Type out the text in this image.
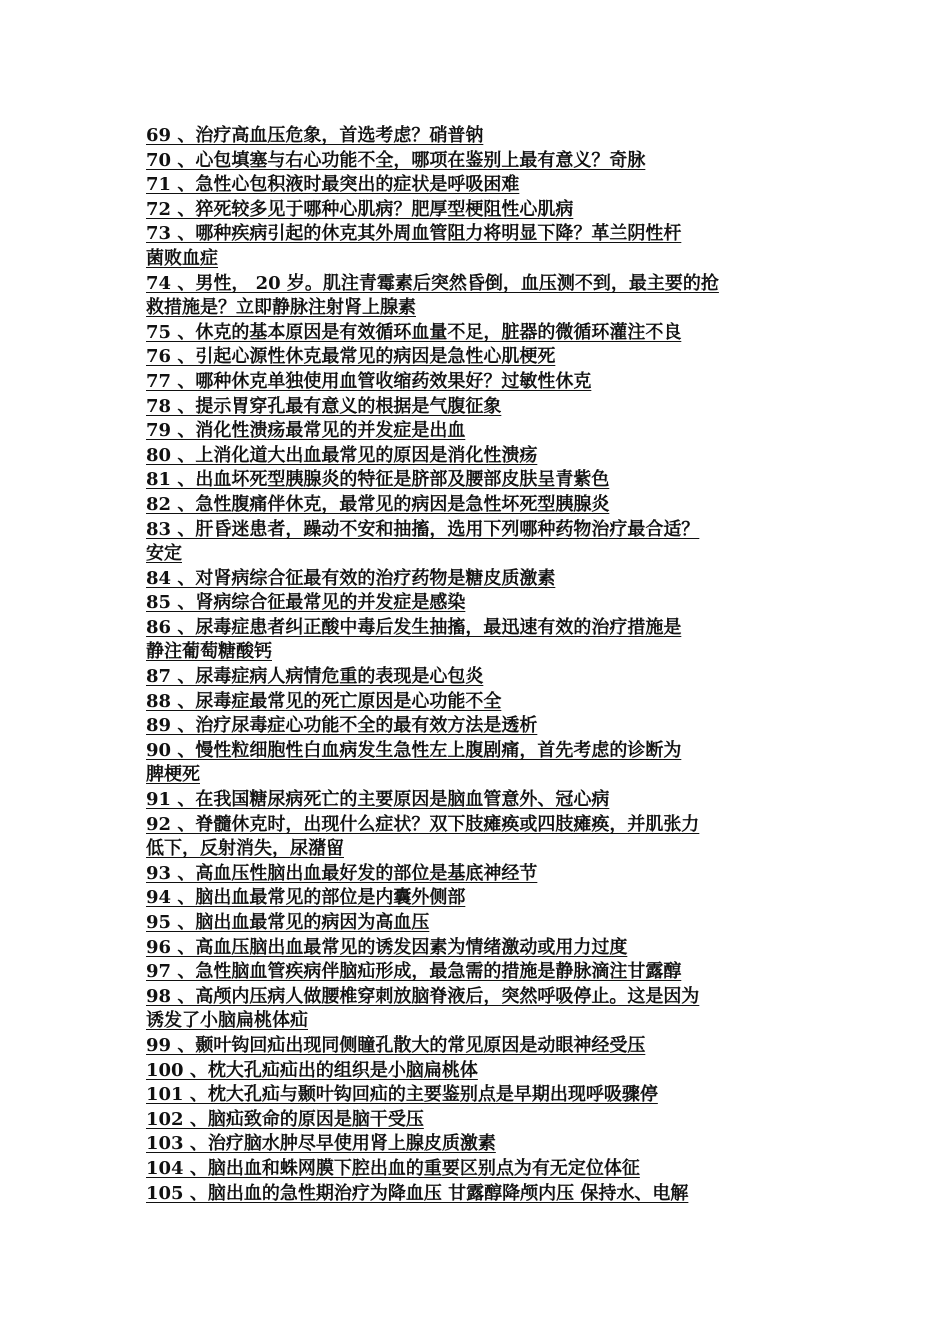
69 、治疗高血压危象，首选考虑？硝普钠
70 、心包填塞与右心功能不全，哪项在鉴别上最有意义？奇脉
71 、急性心包积液时最突出的症状是呼吸困难
72 、猝死较多见于哪种心肌病？肥厚型梗阻性心肌病
73 、哪种疾病引起的休克其外周血管阻力将明显下降？革兰阴性杆
菌败血症
74 、男性， 20 岁。肌注青霉素后突然昏倒，血压测不到，最主要的抢
救措施是？立即静脉注射肾上腺素
75 、休克的基本原因是有效循环血量不足，脏器的微循环灌注不良
76 、引起心源性休克最常见的病因是急性心肌梗死
77 、哪种休克单独使用血管收缩药效果好？过敏性休克
78 、提示胃穿孔最有意义的根据是气腹征象
79 、消化性溃疡最常见的并发症是出血
80 、上消化道大出血最常见的原因是消化性溃疡
81 、出血坏死型胰腺炎的特征是脐部及腰部皮肤呈青紫色
82 、急性腹痛伴休克，最常见的病因是急性坏死型胰腺炎
83 、肝昏迷患者，躁动不安和抽搐，选用下列哪种药物治疗最合适？
安定
84 、对肾病综合征最有效的治疗药物是糖皮质激素
85 、肾病综合征最常见的并发症是感染
86 、尿毒症患者纠正酸中毒后发生抽搐，最迅速有效的治疗措施是
静注葡萄糖酸钙
87 、尿毒症病人病情危重的表现是心包炎
88 、尿毒症最常见的死亡原因是心功能不全
89 、治疗尿毒症心功能不全的最有效方法是透析
90 、慢性粒细胞性白血病发生急性左上腹剧痛，首先考虑的诊断为
脾梗死
91 、在我国糖尿病死亡的主要原因是脑血管意外、冠心病
92 、脊髓休克时，出现什么症状？双下肢瘫痪或四肢瘫痪，并肌张力
低下，反射消失，尿潴留
93 、高血压性脑出血最好发的部位是基底神经节
94 、脑出血最常见的部位是内囊外侧部
95 、脑出血最常见的病因为高血压
96 、高血压脑出血最常见的诱发因素为情绪激动或用力过度
97 、急性脑血管疾病伴脑疝形成，最急需的措施是静脉滴注甘露醇
98 、高颅内压病人做腰椎穿刺放脑脊液后，突然呼吸停止。这是因为
诱发了小脑扁桃体疝
99 、颞叶钩回疝出现同侧瞳孔散大的常见原因是动眼神经受压
100 、枕大孔疝疝出的组织是小脑扁桃体
101 、枕大孔疝与颞叶钩回疝的主要鉴别点是早期出现呼吸骤停
102 、脑疝致命的原因是脑干受压
103 、治疗脑水肿尽早使用肾上腺皮质激素
104 、脑出血和蛛网膜下腔出血的重要区别点为有无定位体征
105 、脑出血的急性期治疗为降血压 甘露醇降颅内压 保持水、电解
